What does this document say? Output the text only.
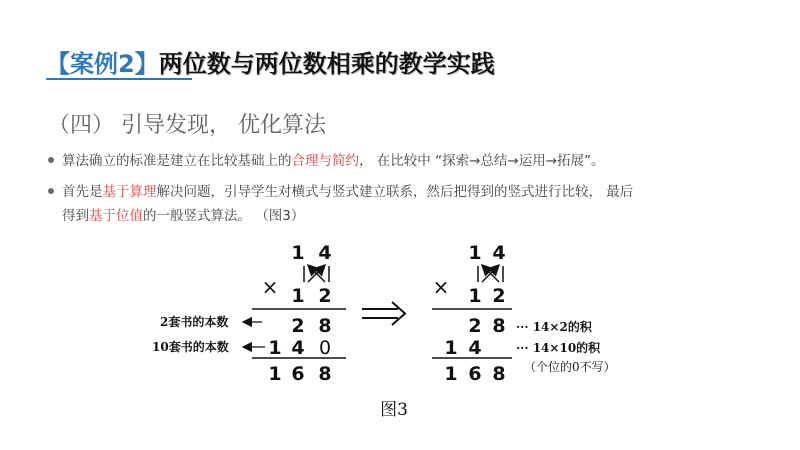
【案例2】两位数与两位数相乘的教学实践
（四） 引导发现， 优化算法
算法确立的标准是建立在比较基础上的合理与简约， 在比较中 “探索→总结→运用→拓展”。
首先是基于算理解决问题，引导学生对横式与竖式建立联系，然后把得到的竖式进行比较， 最后
得到基于位值的一般竖式算法。 （图3）
1 4
× 1 2
2 8
1 4 0
1 6 8
2套书的本数
10套书的本数
1 4
× 1 2
2 8
1 4
1 6 8
··· 14×2的积
··· 14×10的积
（个位的0不写）
图3
